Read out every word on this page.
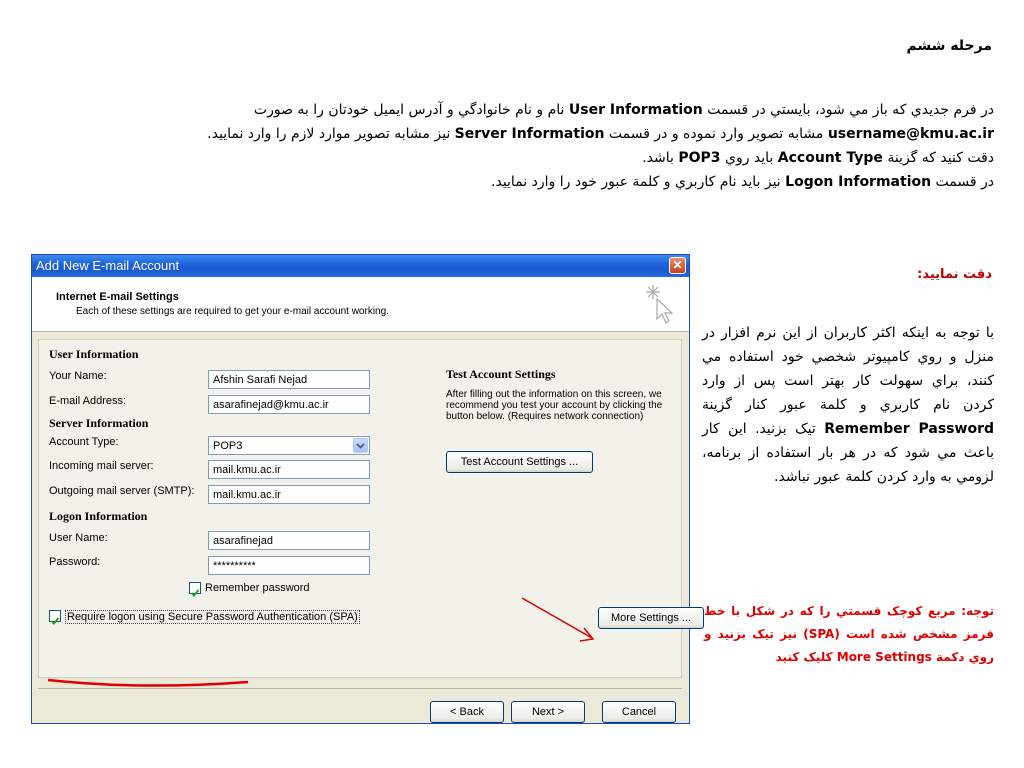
مرحله ششم
در فرم جديدي كه باز مي شود، بايستي در قسمت User Information نام و نام خانوادگي و آدرس ايميل خودتان را به صورت
username@kmu.ac.ir مشابه تصوير وارد نموده و در قسمت Server Information نيز مشابه تصوير موارد لازم را وارد نماييد.
دقت كنيد كه گزينة Account Type بايد روي POP3 باشد.
در قسمت Logon Information نيز بايد نام كاربري و كلمة عبور خود را وارد نماييد.
Add New E-mail Account	✕
Internet E-mail Settings
Each of these settings are required to get your e-mail account working.
User Information
Your Name:	Afshin Sarafi Nejad
E-mail Address:	asarafinejad@kmu.ac.ir
Server Information
Account Type:	POP3
Incoming mail server:	mail.kmu.ac.ir
Outgoing mail server (SMTP):	mail.kmu.ac.ir
Logon Information
User Name:	asarafinejad
Password:	**********
Remember password
Require logon using Secure Password Authentication (SPA)
Test Account Settings
After filling out the information on this screen, we recommend you test your account by clicking the button below. (Requires network connection)
Test Account Settings ...
More Settings ...
< Back	Next >	Cancel
دقت نماييد:
با توجه به اينكه اکثر کاربران از اين نرم افزار در منزل و روي كامپيوتر شخصي خود استفاده مي كنند، براي سهولت كار بهتر است پس از وارد كردن نام كاربري و كلمة عبور كنار گزينة Remember Password تيک بزنيد. اين كار باعث مي شود كه در هر بار استفاده از برنامه، لزومي به وارد كردن كلمة عبور نباشد.
توجه: مربع کوچک قسمتي را كه در شكل با خط قرمز مشخص شده است (SPA) نيز تيک بزنيد و روي دكمة More Settings كليک كنيد
